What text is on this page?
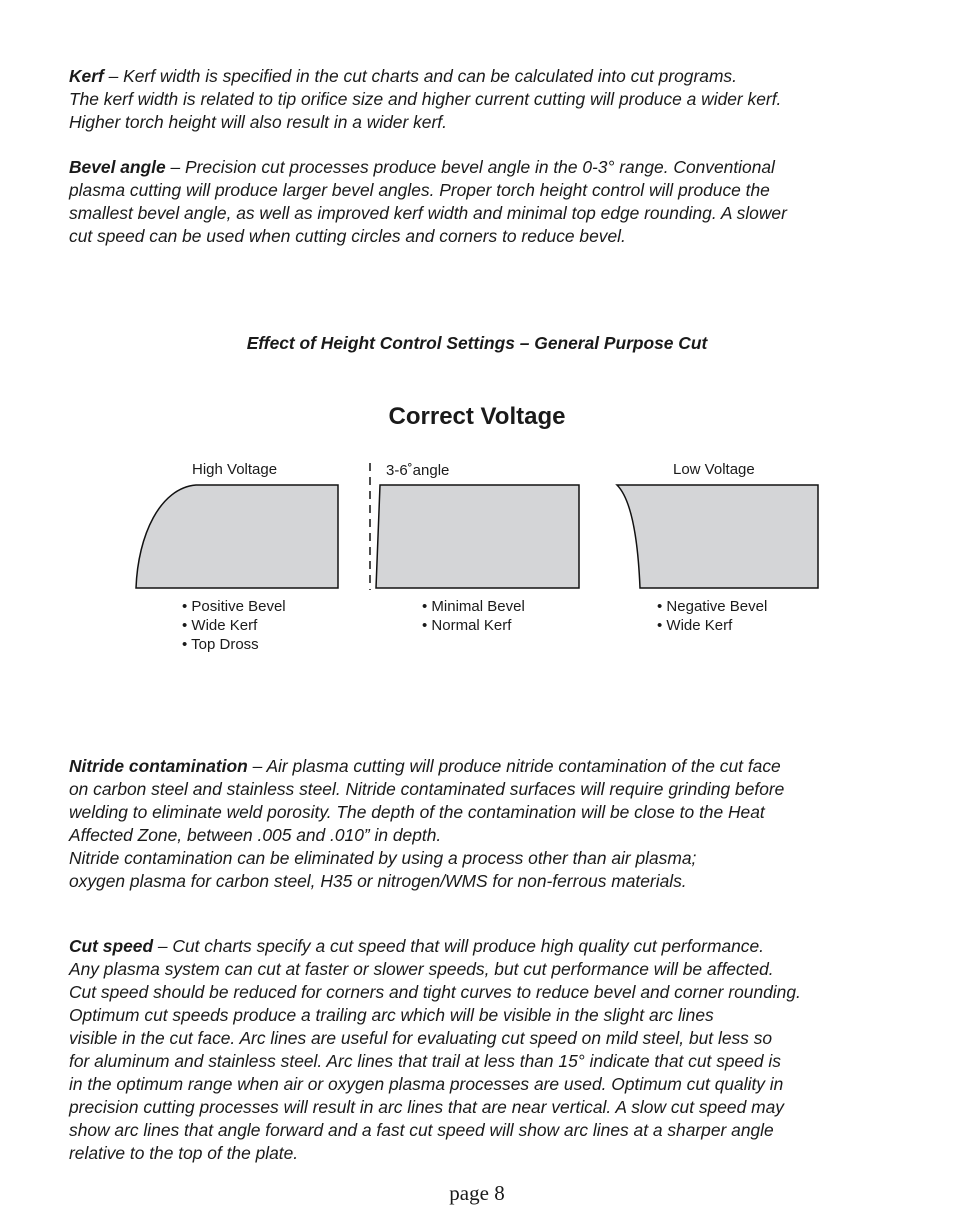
Kerf – Kerf width is specified in the cut charts and can be calculated into cut programs.
The kerf width is related to tip orifice size and higher current cutting will produce a wider kerf.
Higher torch height will also result in a wider kerf.
Bevel angle – Precision cut processes produce bevel angle in the 0-3° range. Conventional
plasma cutting will produce larger bevel angles. Proper torch height control will produce the
smallest bevel angle, as well as improved kerf width and minimal top edge rounding. A slower
cut speed can be used when cutting circles and corners to reduce bevel.
Effect of Height Control Settings – General Purpose Cut
Correct Voltage
High Voltage	3-6˚angle	Low Voltage
• Positive Bevel
• Wide Kerf
• Top Dross
• Minimal Bevel
• Normal Kerf
• Negative Bevel
• Wide Kerf
Nitride contamination – Air plasma cutting will produce nitride contamination of the cut face
on carbon steel and stainless steel. Nitride contaminated surfaces will require grinding before
welding to eliminate weld porosity. The depth of the contamination will be close to the Heat
Affected Zone, between .005 and .010” in depth.
Nitride contamination can be eliminated by using a process other than air plasma;
oxygen plasma for carbon steel, H35 or nitrogen/WMS for non-ferrous materials.
Cut speed – Cut charts specify a cut speed that will produce high quality cut performance.
Any plasma system can cut at faster or slower speeds, but cut performance will be affected.
Cut speed should be reduced for corners and tight curves to reduce bevel and corner rounding.
Optimum cut speeds produce a trailing arc which will be visible in the slight arc lines
visible in the cut face. Arc lines are useful for evaluating cut speed on mild steel, but less so
for aluminum and stainless steel. Arc lines that trail at less than 15° indicate that cut speed is
in the optimum range when air or oxygen plasma processes are used. Optimum cut quality in
precision cutting processes will result in arc lines that are near vertical. A slow cut speed may
show arc lines that angle forward and a fast cut speed will show arc lines at a sharper angle
relative to the top of the plate.
page 8
